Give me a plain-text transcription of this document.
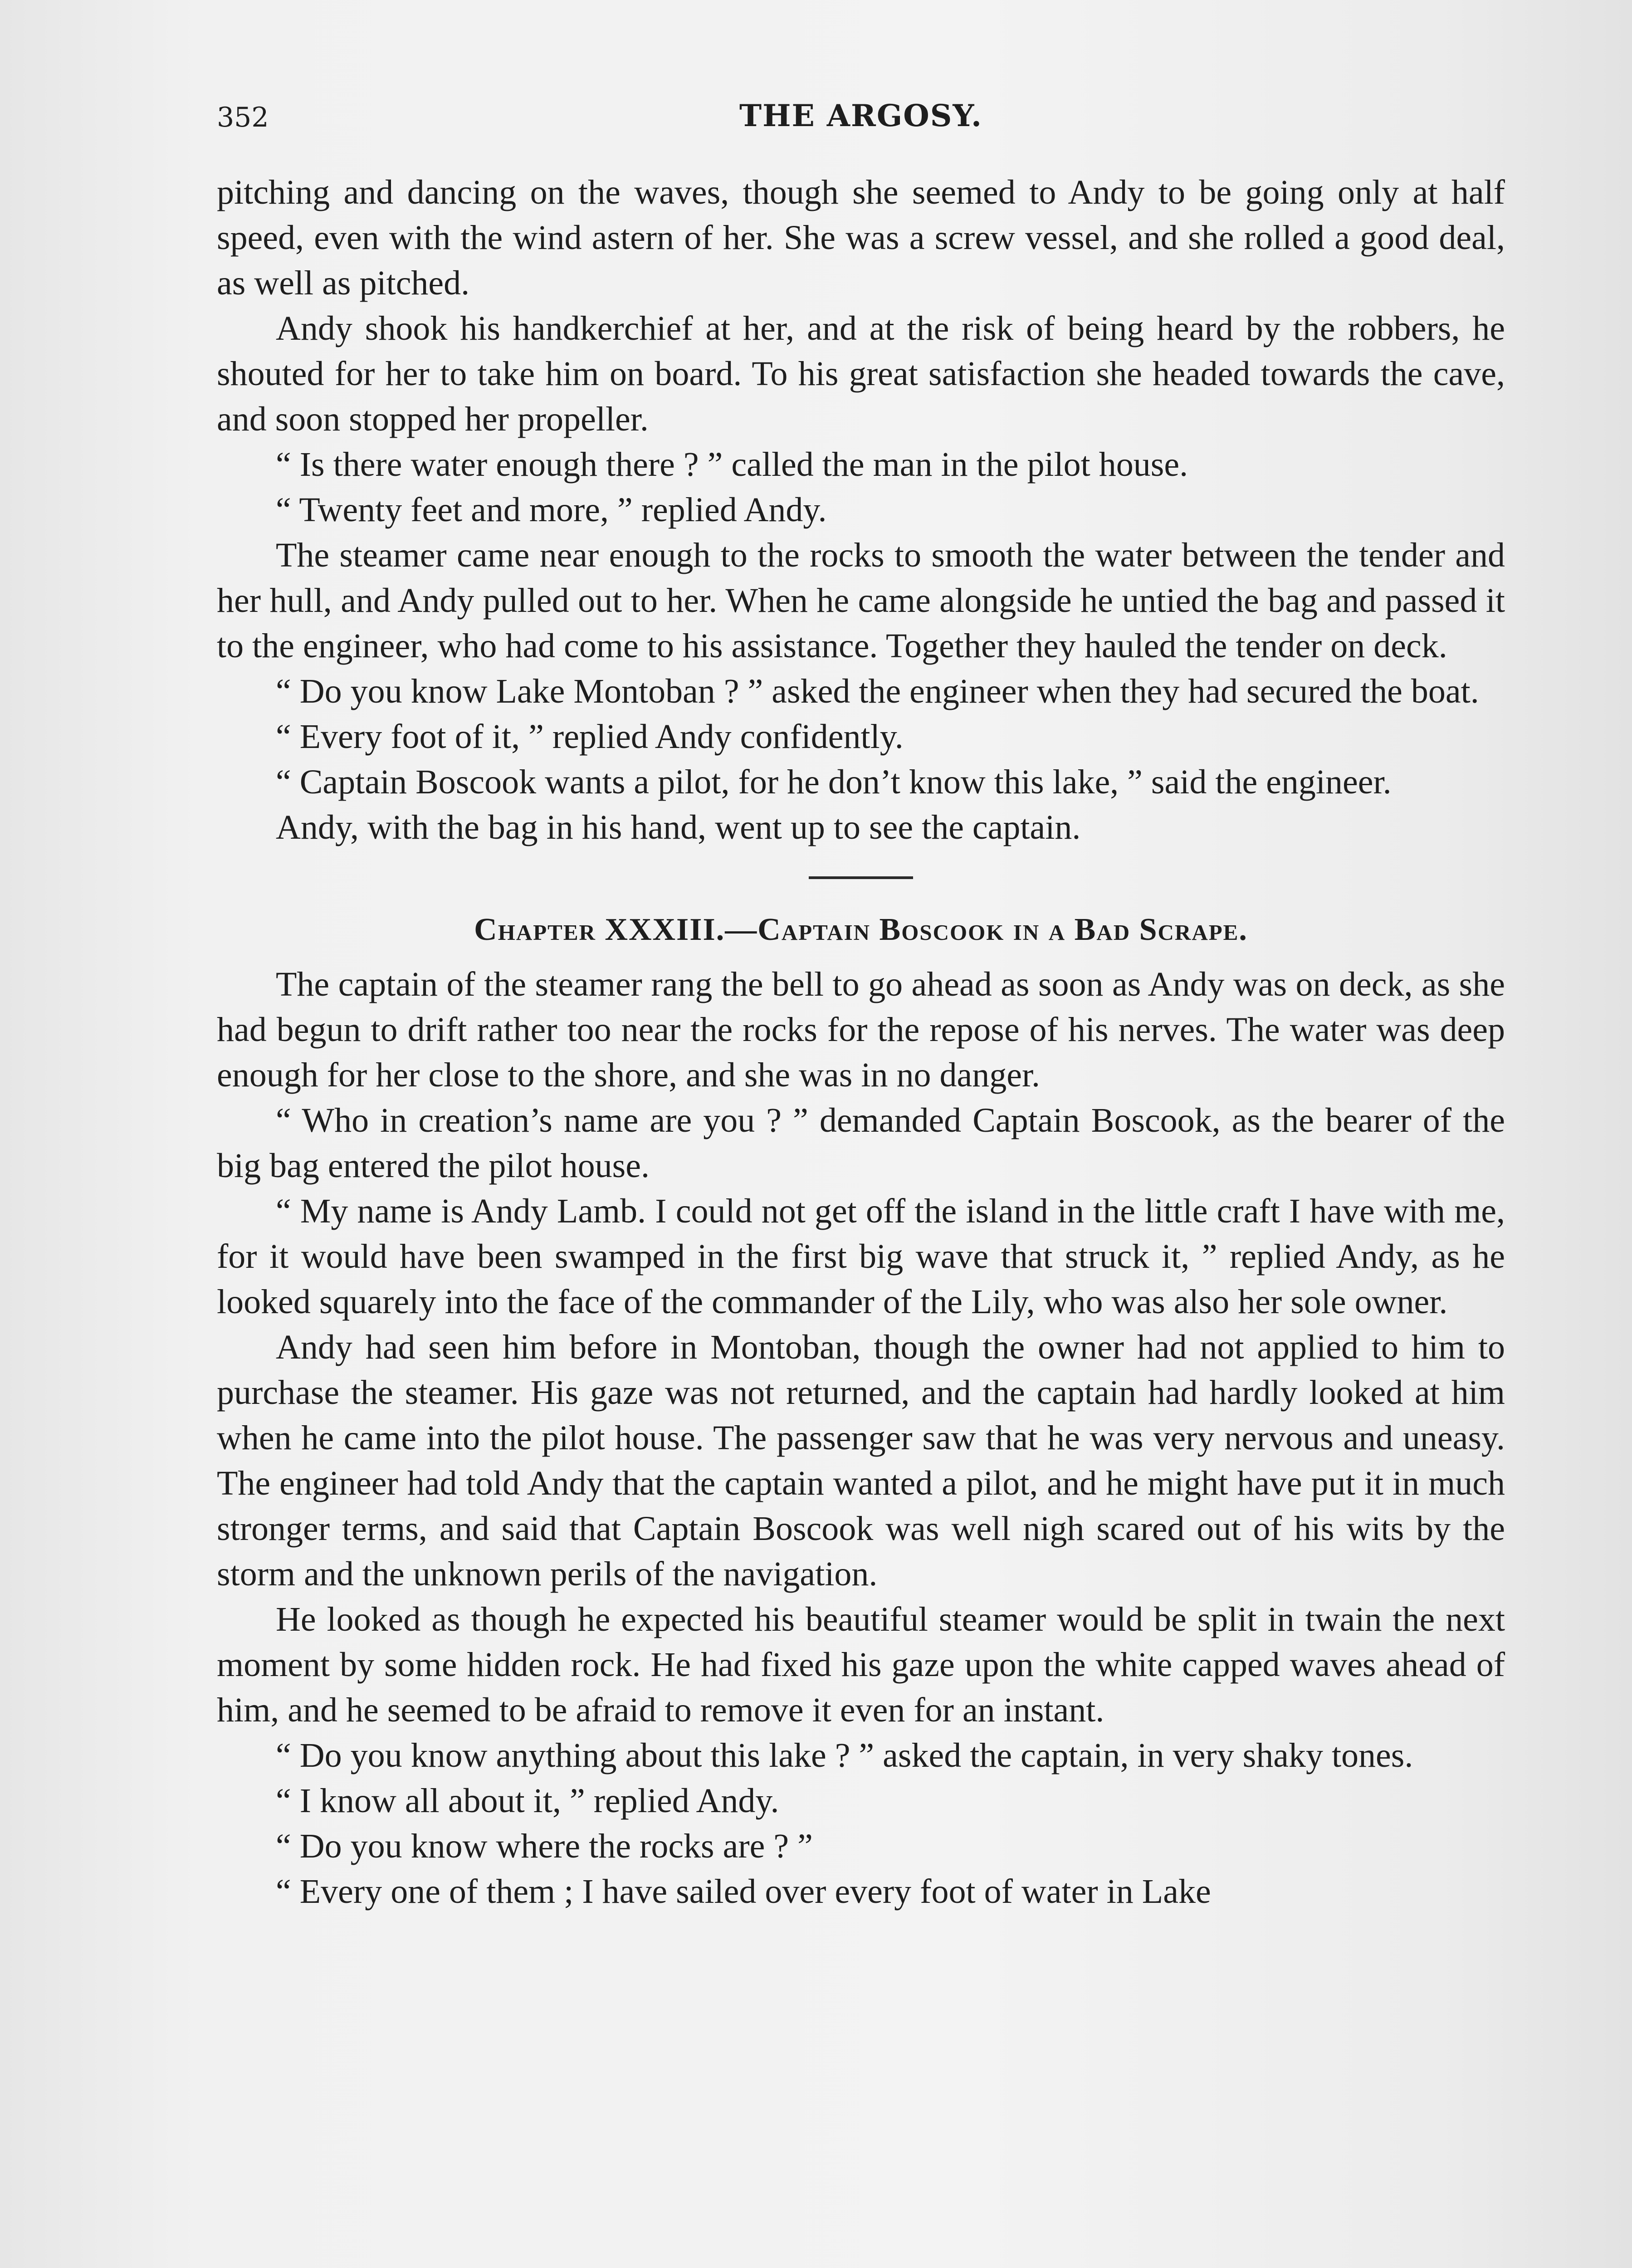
352	THE ARGOSY.

pitching and dancing on the waves, though she seemed to Andy to be going only at half speed, even with the wind astern of her. She was a screw vessel, and she rolled a good deal, as well as pitched.

Andy shook his handkerchief at her, and at the risk of being heard by the robbers, he shouted for her to take him on board. To his great satisfaction she headed towards the cave, and soon stopped her propeller.

“ Is there water enough there ? ” called the man in the pilot house.

“ Twenty feet and more, ” replied Andy.

The steamer came near enough to the rocks to smooth the water between the tender and her hull, and Andy pulled out to her. When he came alongside he untied the bag and passed it to the engineer, who had come to his assistance. Together they hauled the tender on deck.

“ Do you know Lake Montoban ? ” asked the engineer when they had secured the boat.

“ Every foot of it, ” replied Andy confidently.

“ Captain Boscook wants a pilot, for he don’t know this lake, ” said the engineer.

Andy, with the bag in his hand, went up to see the captain.

Chapter XXXIII.—Captain Boscook in a Bad Scrape.

The captain of the steamer rang the bell to go ahead as soon as Andy was on deck, as she had begun to drift rather too near the rocks for the repose of his nerves. The water was deep enough for her close to the shore, and she was in no danger.

“ Who in creation’s name are you ? ” demanded Captain Boscook, as the bearer of the big bag entered the pilot house.

“ My name is Andy Lamb. I could not get off the island in the little craft I have with me, for it would have been swamped in the first big wave that struck it, ” replied Andy, as he looked squarely into the face of the commander of the Lily, who was also her sole owner.

Andy had seen him before in Montoban, though the owner had not applied to him to purchase the steamer. His gaze was not returned, and the captain had hardly looked at him when he came into the pilot house. The passenger saw that he was very nervous and uneasy. The engineer had told Andy that the captain wanted a pilot, and he might have put it in much stronger terms, and said that Captain Boscook was well nigh scared out of his wits by the storm and the unknown perils of the navigation.

He looked as though he expected his beautiful steamer would be split in twain the next moment by some hidden rock. He had fixed his gaze upon the white capped waves ahead of him, and he seemed to be afraid to remove it even for an instant.

“ Do you know anything about this lake ? ” asked the captain, in very shaky tones.

“ I know all about it, ” replied Andy.

“ Do you know where the rocks are ? ”

“ Every one of them ; I have sailed over every foot of water in Lake
